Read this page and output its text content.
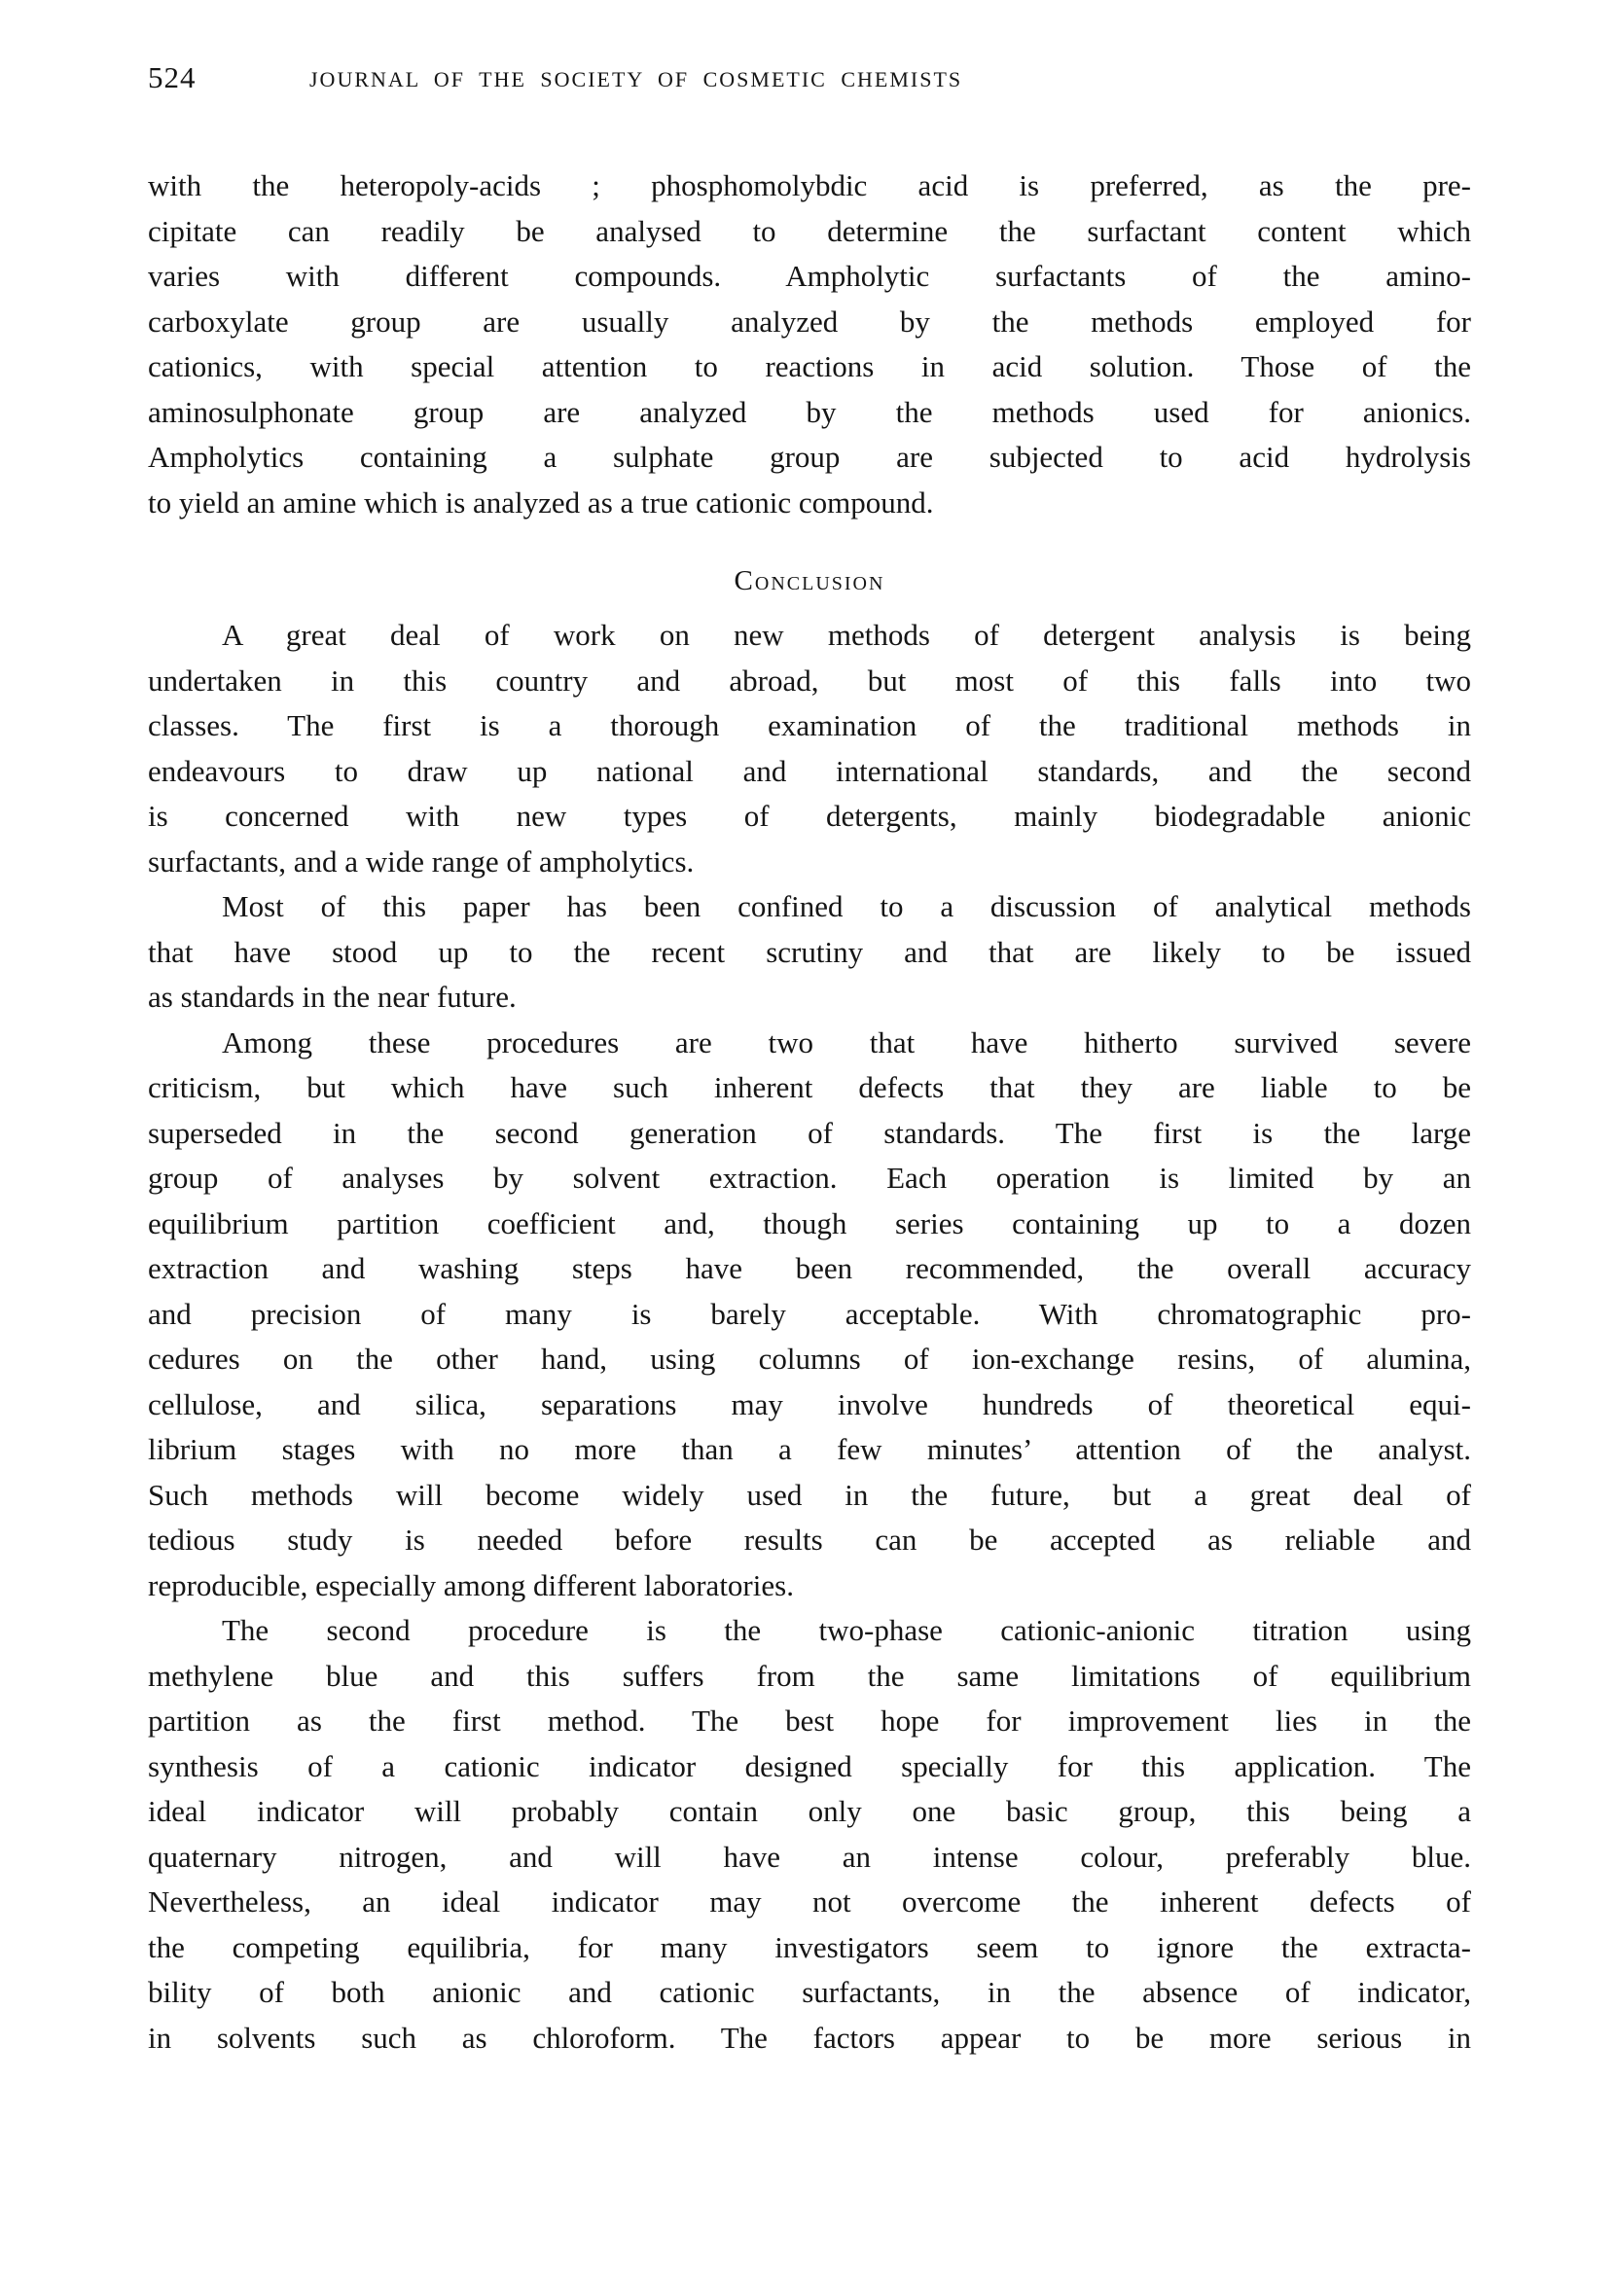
524	JOURNAL OF THE SOCIETY OF COSMETIC CHEMISTS
with the heteropoly-acids ; phosphomolybdic acid is preferred, as the pre-
cipitate can readily be analysed to determine the surfactant content which
varies with different compounds. Ampholytic surfactants of the amino-
carboxylate group are usually analyzed by the methods employed for
cationics, with special attention to reactions in acid solution. Those of the
aminosulphonate group are analyzed by the methods used for anionics.
Ampholytics containing a sulphate group are subjected to acid hydrolysis
to yield an amine which is analyzed as a true cationic compound.
Conclusion
A great deal of work on new methods of detergent analysis is being
undertaken in this country and abroad, but most of this falls into two
classes. The first is a thorough examination of the traditional methods in
endeavours to draw up national and international standards, and the second
is concerned with new types of detergents, mainly biodegradable anionic
surfactants, and a wide range of ampholytics.
Most of this paper has been confined to a discussion of analytical methods
that have stood up to the recent scrutiny and that are likely to be issued
as standards in the near future.
Among these procedures are two that have hitherto survived severe
criticism, but which have such inherent defects that they are liable to be
superseded in the second generation of standards. The first is the large
group of analyses by solvent extraction. Each operation is limited by an
equilibrium partition coefficient and, though series containing up to a dozen
extraction and washing steps have been recommended, the overall accuracy
and precision of many is barely acceptable. With chromatographic pro-
cedures on the other hand, using columns of ion-exchange resins, of alumina,
cellulose, and silica, separations may involve hundreds of theoretical equi-
librium stages with no more than a few minutes’ attention of the analyst.
Such methods will become widely used in the future, but a great deal of
tedious study is needed before results can be accepted as reliable and
reproducible, especially among different laboratories.
The second procedure is the two-phase cationic-anionic titration using
methylene blue and this suffers from the same limitations of equilibrium
partition as the first method. The best hope for improvement lies in the
synthesis of a cationic indicator designed specially for this application. The
ideal indicator will probably contain only one basic group, this being a
quaternary nitrogen, and will have an intense colour, preferably blue.
Nevertheless, an ideal indicator may not overcome the inherent defects of
the competing equilibria, for many investigators seem to ignore the extracta-
bility of both anionic and cationic surfactants, in the absence of indicator,
in solvents such as chloroform. The factors appear to be more serious in
